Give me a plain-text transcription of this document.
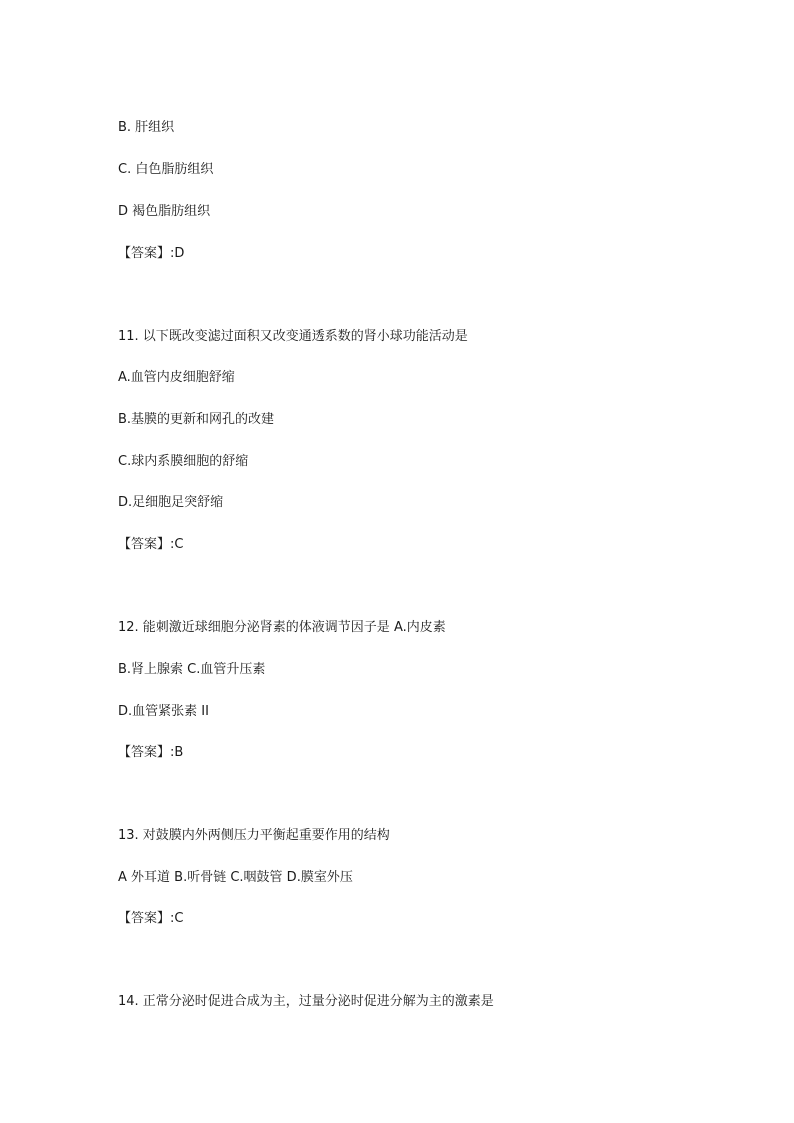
B. 肝组织
C. 白色脂肪组织
D 褐色脂肪组织
【答案】:D
11. 以下既改变滤过面积又改变通透系数的肾小球功能活动是
A.血管内皮细胞舒缩
B.基膜的更新和网孔的改建
C.球内系膜细胞的舒缩
D.足细胞足突舒缩
【答案】:C
12. 能刺激近球细胞分泌肾素的体液调节因子是 A.内皮素
B.肾上腺索 C.血管升压素
D.血管紧张素 II
【答案】:B
13. 对鼓膜内外两侧压力平衡起重要作用的结构
A 外耳道 B.听骨链 C.咽鼓管 D.膜室外压
【答案】:C
14. 正常分泌时促进合成为主，过量分泌时促进分解为主的激素是
